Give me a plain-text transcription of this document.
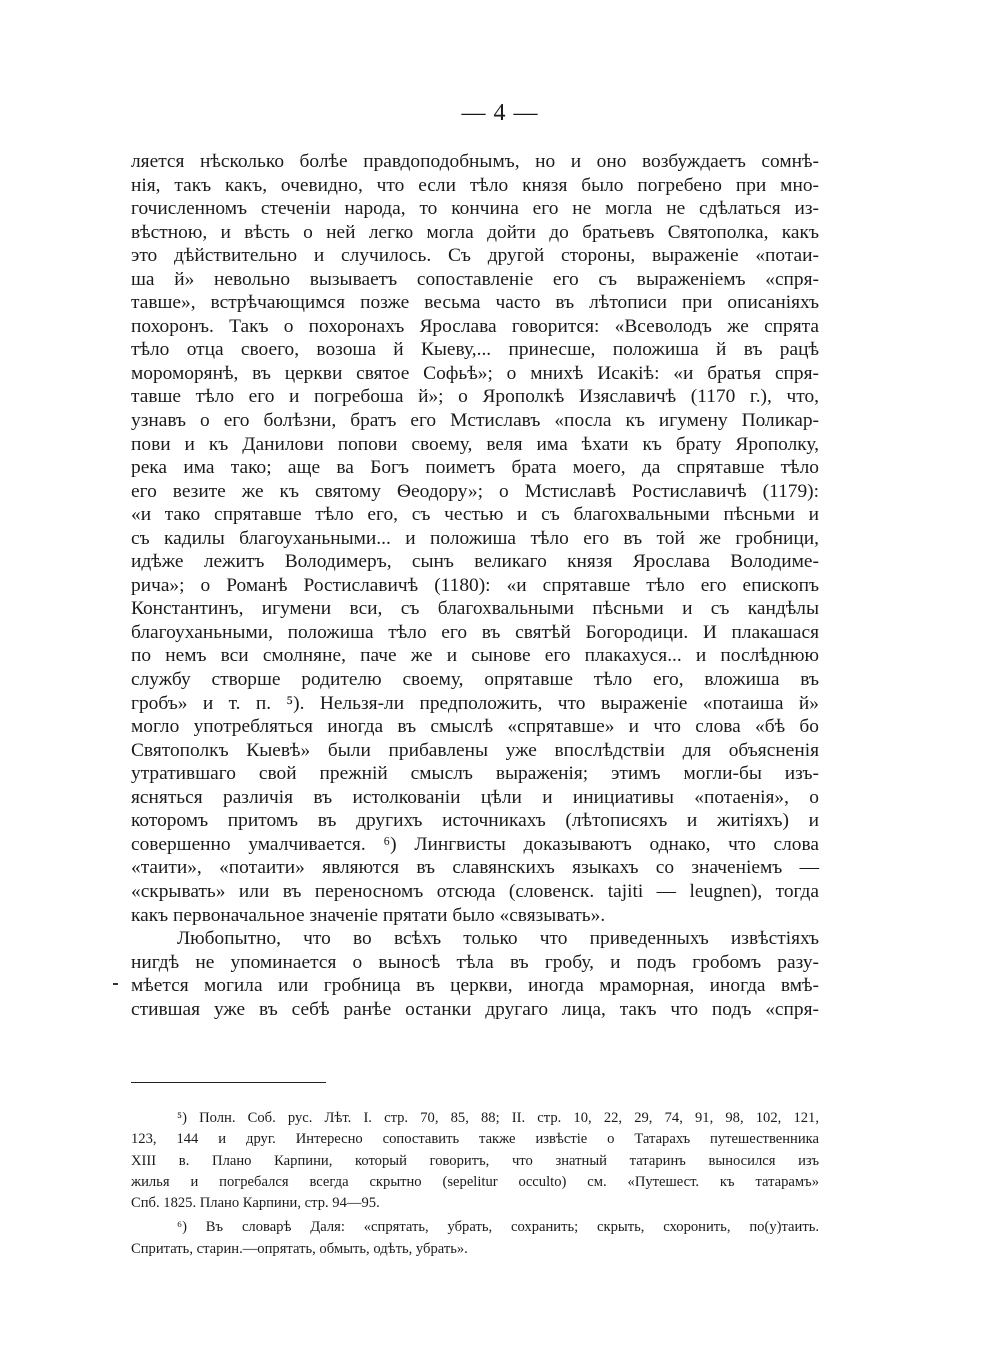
— 4 —
ляется нѣсколько болѣе правдоподобнымъ, но и оно возбуждаетъ сомнѣ-
нія, такъ какъ, очевидно, что если тѣло князя было погребено при мно-
гочисленномъ стеченіи народа, то кончина его не могла не сдѣлаться из-
вѣстною, и вѣсть о ней легко могла дойти до братьевъ Святополка, какъ
это дѣйствительно и случилось. Съ другой стороны, выраженіе «потаи-
ша й» невольно вызываетъ сопоставленіе его съ выраженіемъ «спря-
тавше», встрѣчающимся позже весьма часто въ лѣтописи при описаніяхъ
похоронъ. Такъ о похоронахъ Ярослава говорится: «Всеволодъ же спрята
тѣло отца своего, возоша й Кыеву,... принесше, положиша й въ рацѣ
мороморянѣ, въ церкви святое Софьѣ»; о мнихѣ Исакіѣ: «и братья спря-
тавше тѣло его и погребоша й»; о Ярополкѣ Изяславичѣ (1170 г.), что,
узнавъ о его болѣзни, братъ его Мстиславъ «посла къ игумену Поликар-
пови и къ Данилови попови своему, веля има ѣхати къ брату Ярополку,
река има тако; аще ва Богъ поиметъ брата моего, да спрятавше тѣло
его везите же къ святому Ѳеодору»; о Мстиславѣ Ростиславичѣ (1179):
«и тако спрятавше тѣло его, съ честью и съ благохвальными пѣсньми и
съ кадилы благоуханьными... и положиша тѣло его въ той же гробници,
идѣже лежитъ Володимеръ, сынъ великаго князя Ярослава Володиме-
рича»; о Романѣ Ростиславичѣ (1180): «и спрятавше тѣло его епископъ
Константинъ, игумени вси, съ благохвальными пѣсньми и съ кандѣлы
благоуханьными, положиша тѣло его въ святѣй Богородици. И плакашася
по немъ вси смолняне, паче же и сынове его плакахуся... и послѣднюю
службу створше родителю своему, опрятавше тѣло его, вложиша въ
гробъ» и т. п. ⁵). Нельзя-ли предположить, что выраженіе «потаиша й»
могло употребляться иногда въ смыслѣ «спрятавше» и что слова «бѣ бо
Святополкъ Кыевѣ» были прибавлены уже впослѣдствіи для объясненія
утратившаго свой прежній смыслъ выраженія; этимъ могли-бы изъ-
ясняться различія въ истолкованіи цѣли и инициативы «потаенія», о
которомъ притомъ въ другихъ источникахъ (лѣтописяхъ и житіяхъ) и
совершенно умалчивается. ⁶) Лингвисты доказываютъ однако, что слова
«таити», «потаити» являются въ славянскихъ языкахъ со значеніемъ —
«скрывать» или въ переносномъ отсюда (словенск. tajiti — leugnen), тогда
какъ первоначальное значеніе прятати было «связывать».
Любопытно, что во всѣхъ только что приведенныхъ извѣстіяхъ
нигдѣ не упоминается о выносѣ тѣла въ гробу, и подъ гробомъ разу-
мѣется могила или гробница въ церкви, иногда мраморная, иногда вмѣ-
стившая уже въ себѣ ранѣе останки другаго лица, такъ что подъ «спря-
⁵) Полн. Соб. рус. Лѣт. I. стр. 70, 85, 88; II. стр. 10, 22, 29, 74, 91, 98, 102, 121,
123, 144 и друг. Интересно сопоставить также извѣстіе о Татарахъ путешественника
XIII в. Плано Карпини, который говоритъ, что знатный татаринъ выносился изъ
жилья и погребался всегда скрытно (sepelitur occulto) см. «Путешест. къ татарамъ»
Спб. 1825. Плано Карпини, стр. 94—95.
⁶) Въ словарѣ Даля: «спрятать, убрать, сохранить; скрыть, схоронить, по(у)таить.
Спритать, старин.—опрятать, обмыть, одѣть, убрать».
